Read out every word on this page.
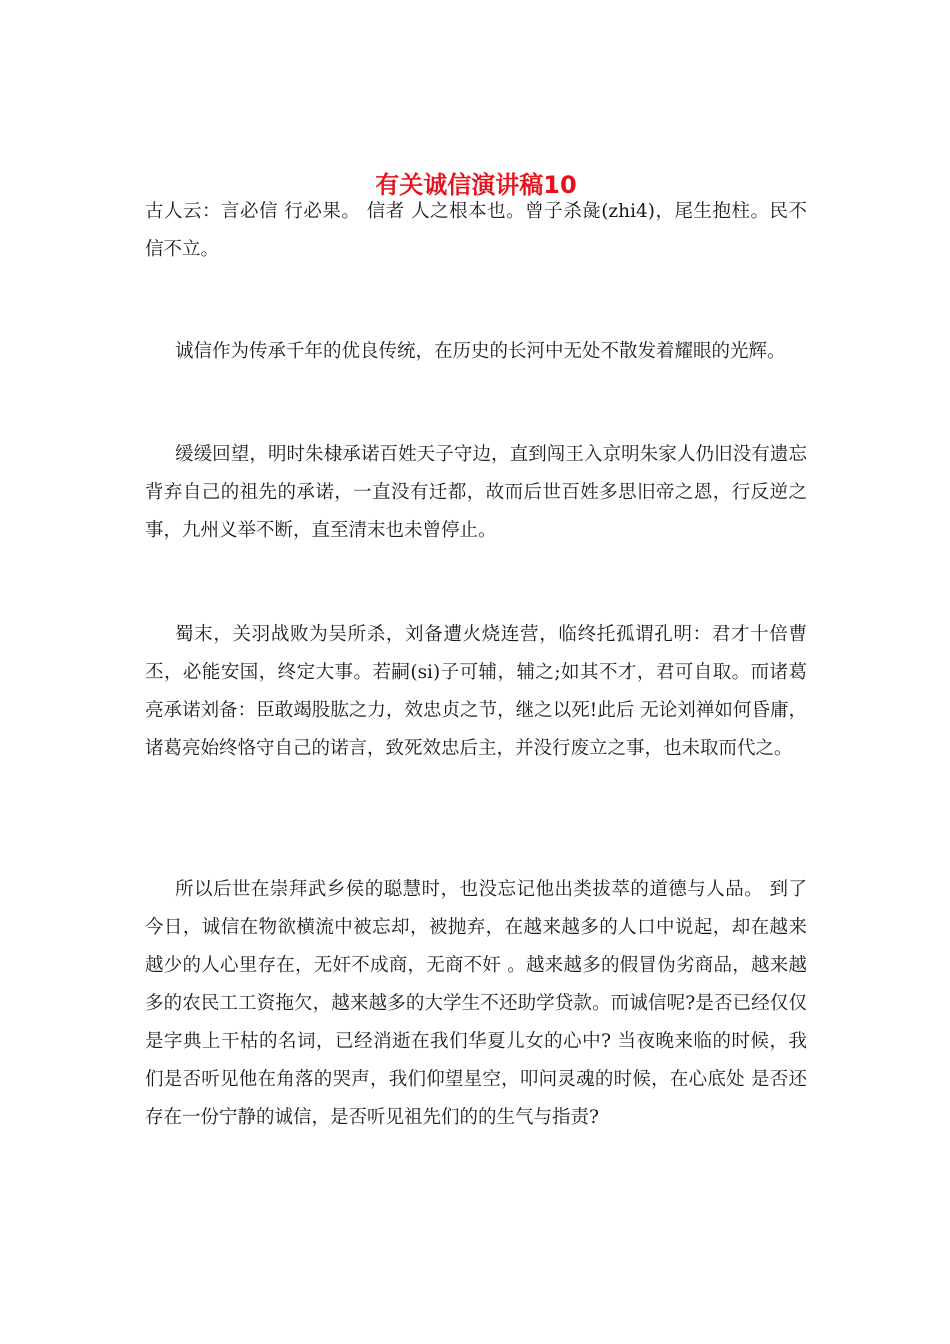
有关诚信演讲稿10

古人云：言必信 行必果。 信者 人之根本也。曾子杀彘(zhi4)，尾生抱柱。民不信不立。

诚信作为传承千年的优良传统，在历史的长河中无处不散发着耀眼的光辉。

缓缓回望，明时朱棣承诺百姓天子守边，直到闯王入京明朱家人仍旧没有遗忘背弃自己的祖先的承诺，一直没有迁都，故而后世百姓多思旧帝之恩，行反逆之事，九州义举不断，直至清末也未曾停止。

蜀末，关羽战败为吴所杀，刘备遭火烧连营，临终托孤谓孔明：君才十倍曹丕，必能安国，终定大事。若嗣(si)子可辅，辅之;如其不才，君可自取。而诸葛亮承诺刘备：臣敢竭股肱之力，效忠贞之节，继之以死!此后 无论刘禅如何昏庸，诸葛亮始终恪守自己的诺言，致死效忠后主，并没行废立之事，也未取而代之。

所以后世在崇拜武乡侯的聪慧时，也没忘记他出类拔萃的道德与人品。 到了今日，诚信在物欲横流中被忘却，被抛弃，在越来越多的人口中说起，却在越来越少的人心里存在，无奸不成商，无商不奸 。越来越多的假冒伪劣商品，越来越多的农民工工资拖欠，越来越多的大学生不还助学贷款。而诚信呢?是否已经仅仅是字典上干枯的名词，已经消逝在我们华夏儿女的心中? 当夜晚来临的时候，我们是否听见他在角落的哭声，我们仰望星空，叩问灵魂的时候，在心底处 是否还存在一份宁静的诚信，是否听见祖先们的的生气与指责?
